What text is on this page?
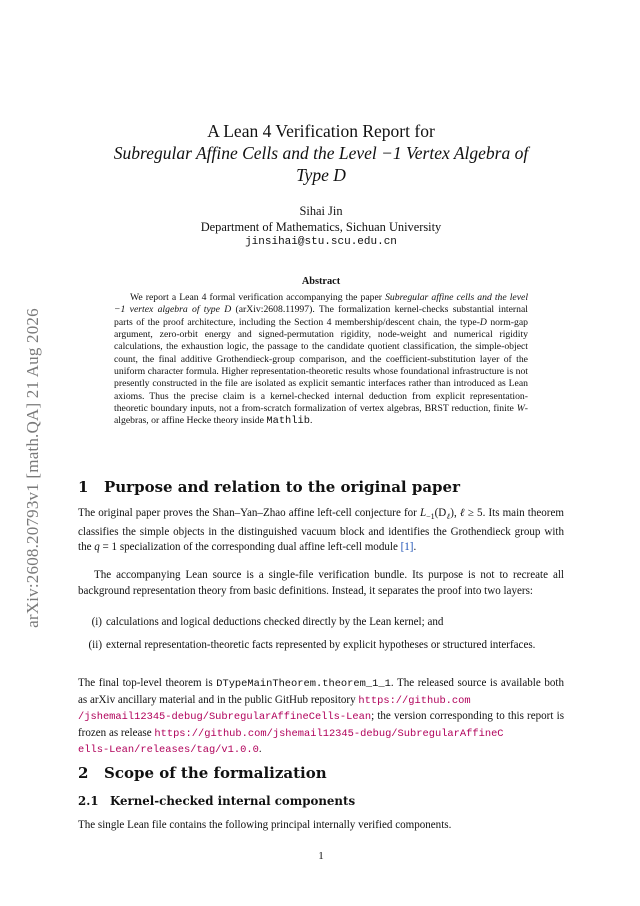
arXiv:2608.20793v1 [math.QA] 21 Aug 2026
A Lean 4 Verification Report for
Subregular Affine Cells and the Level −1 Vertex Algebra of
Type D
Sihai Jin
Department of Mathematics, Sichuan University
jinsihai@stu.scu.edu.cn
Abstract
We report a Lean 4 formal verification accompanying the paper Subregular affine cells and the level −1 vertex algebra of type D (arXiv:2608.11997). The formalization kernel-checks substantial internal parts of the proof architecture, including the Section 4 membership/descent chain, the type-D norm-gap argument, zero-orbit energy and signed-permutation rigidity, node-weight and numerical rigidity calculations, the exhaustion logic, the passage to the candidate quotient classification, the simple-object count, the final additive Grothendieck-group comparison, and the coefficient-substitution layer of the uniform character formula. Higher representation-theoretic results whose foundational infrastructure is not presently constructed in the file are isolated as explicit semantic interfaces rather than introduced as Lean axioms. Thus the precise claim is a kernel-checked internal deduction from explicit representation-theoretic boundary inputs, not a from-scratch formalization of vertex algebras, BRST reduction, finite W-algebras, or affine Hecke theory inside Mathlib.
1 Purpose and relation to the original paper
The original paper proves the Shan–Yan–Zhao affine left-cell conjecture for $L_{-1}(D_\ell)$, ℓ ≥ 5. Its main theorem classifies the simple objects in the distinguished vacuum block and identifies the Grothendieck group with the q = 1 specialization of the corresponding dual affine left-cell module [1].
The accompanying Lean source is a single-file verification bundle. Its purpose is not to recreate all background representation theory from basic definitions. Instead, it separates the proof into two layers:
(i) calculations and logical deductions checked directly by the Lean kernel; and
(ii) external representation-theoretic facts represented by explicit hypotheses or structured interfaces.
The final top-level theorem is DTypeMainTheorem.theorem_1_1. The released source is available both as arXiv ancillary material and in the public GitHub repository https://github.com
/jshemail12345-debug/SubregularAffineCells-Lean; the version corresponding to this report is frozen as release https://github.com/jshemail12345-debug/SubregularAffineC
ells-Lean/releases/tag/v1.0.0.
2 Scope of the formalization
2.1 Kernel-checked internal components
The single Lean file contains the following principal internally verified components.
1
